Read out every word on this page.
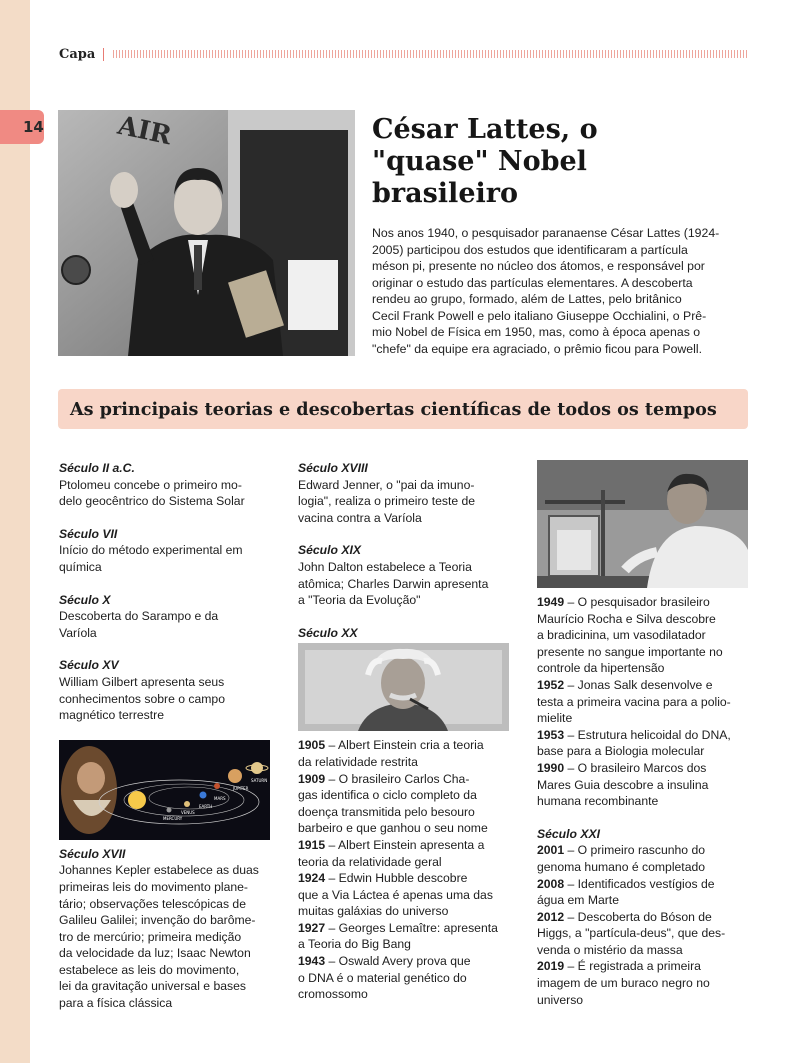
14
Capa
AIR	César Lattes, o
"quase" Nobel
brasileiro
Nos anos 1940, o pesquisador paranaense César Lattes (1924-
2005) participou dos estudos que identificaram a partícula
méson pi, presente no núcleo dos átomos, e responsável por
originar o estudo das partículas elementares. A descoberta
rendeu ao grupo, formado, além de Lattes, pelo britânico
Cecil Frank Powell e pelo italiano Giuseppe Occhialini, o Prê-
mio Nobel de Física em 1950, mas, como à época apenas o
"chefe" da equipe era agraciado, o prêmio ficou para Powell.
As principais teorias e descobertas científicas de todos os tempos
Século II a.C.
Ptolomeu concebe o primeiro mo-
delo geocêntrico do Sistema Solar
Século VII
Início do método experimental em
química
Século X
Descoberta do Sarampo e da
Varíola
Século XV
William Gilbert apresenta seus
conhecimentos sobre o campo
magnético terrestre
MARS
EARTH
VENUS
MERCURY
JUPITER
SATURN
Século XVII
Johannes Kepler estabelece as duas
primeiras leis do movimento plane-
tário; observações telescópicas de
Galileu Galilei; invenção do barôme-
tro de mercúrio; primeira medição
da velocidade da luz; Isaac Newton
estabelece as leis do movimento,
lei da gravitação universal e bases
para a física clássica
Século XVIII
Edward Jenner, o "pai da imuno-
logia", realiza o primeiro teste de
vacina contra a Varíola
Século XIX
John Dalton estabelece a Teoria
atômica; Charles Darwin apresenta
a "Teoria da Evolução"
Século XX
1905 – Albert Einstein cria a teoria
da relatividade restrita
1909 – O brasileiro Carlos Cha-
gas identifica o ciclo completo da
doença transmitida pelo besouro
barbeiro e que ganhou o seu nome
1915 – Albert Einstein apresenta a
teoria da relatividade geral
1924 – Edwin Hubble descobre
que a Via Láctea é apenas uma das
muitas galáxias do universo
1927 – Georges Lemaître: apresenta
a Teoria do Big Bang
1943 – Oswald Avery prova que
o DNA é o material genético do
cromossomo
1949 – O pesquisador brasileiro
Maurício Rocha e Silva descobre
a bradicinina, um vasodilatador
presente no sangue importante no
controle da hipertensão
1952 – Jonas Salk desenvolve e
testa a primeira vacina para a polio-
mielite
1953 – Estrutura helicoidal do DNA,
base para a Biologia molecular
1990 – O brasileiro Marcos dos
Mares Guia descobre a insulina
humana recombinante
Século XXI
2001 – O primeiro rascunho do
genoma humano é completado
2008 – Identificados vestígios de
água em Marte
2012 – Descoberta do Bóson de
Higgs, a "partícula-deus", que des-
venda o mistério da massa
2019 – É registrada a primeira
imagem de um buraco negro no
universo
